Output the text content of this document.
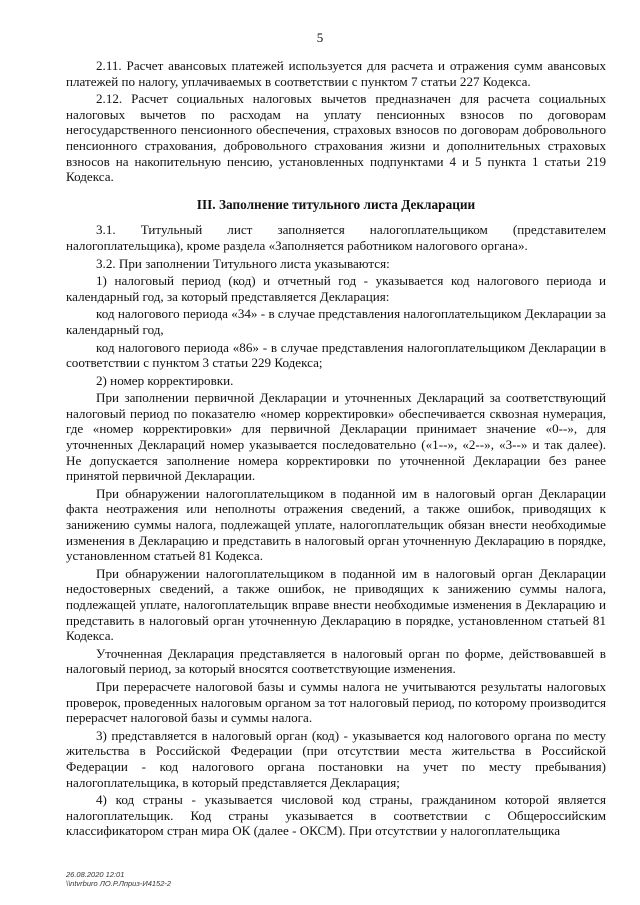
5

2.11. Расчет авансовых платежей используется для расчета и отражения сумм авансовых платежей по налогу, уплачиваемых в соответствии с пунктом 7 статьи 227 Кодекса.

2.12. Расчет социальных налоговых вычетов предназначен для расчета социальных налоговых вычетов по расходам на уплату пенсионных взносов по договорам негосударственного пенсионного обеспечения, страховых взносов по договорам добровольного пенсионного страхования, добровольного страхования жизни и дополнительных страховых взносов на накопительную пенсию, установленных подпунктами 4 и 5 пункта 1 статьи 219 Кодекса.

III. Заполнение титульного листа Декларации

3.1. Титульный лист заполняется налогоплательщиком (представителем налогоплательщика), кроме раздела «Заполняется работником налогового органа».

3.2. При заполнении Титульного листа указываются:

1) налоговый период (код) и отчетный год - указывается код налогового периода и календарный год, за который представляется Декларация:

код налогового периода «34» - в случае представления налогоплательщиком Декларации за календарный год,

код налогового периода «86» - в случае представления налогоплательщиком Декларации в соответствии с пунктом 3 статьи 229 Кодекса;

2) номер корректировки.

При заполнении первичной Декларации и уточненных Деклараций за соответствующий налоговый период по показателю «номер корректировки» обеспечивается сквозная нумерация, где «номер корректировки» для первичной Декларации принимает значение «0--», для уточненных Деклараций номер указывается последовательно («1--», «2--», «3--» и так далее). Не допускается заполнение номера корректировки по уточненной Декларации без ранее принятой первичной Декларации.

При обнаружении налогоплательщиком в поданной им в налоговый орган Декларации факта неотражения или неполноты отражения сведений, а также ошибок, приводящих к занижению суммы налога, подлежащей уплате, налогоплательщик обязан внести необходимые изменения в Декларацию и представить в налоговый орган уточненную Декларацию в порядке, установленном статьей 81 Кодекса.

При обнаружении налогоплательщиком в поданной им в налоговый орган Декларации недостоверных сведений, а также ошибок, не приводящих к занижению суммы налога, подлежащей уплате, налогоплательщик вправе внести необходимые изменения в Декларацию и представить в налоговый орган уточненную Декларацию в порядке, установленном статьей 81 Кодекса.

Уточненная Декларация представляется в налоговый орган по форме, действовавшей в налоговый период, за который вносятся соответствующие изменения.

При перерасчете налоговой базы и суммы налога не учитываются результаты налоговых проверок, проведенных налоговым органом за тот налоговый период, по которому производится перерасчет налоговой базы и суммы налога.

3) представляется в налоговый орган (код) - указывается код налогового органа по месту жительства в Российской Федерации (при отсутствии места жительства в Российской Федерации - код налогового органа постановки на учет по месту пребывания) налогоплательщика, в который представляется Декларация;

4) код страны - указывается числовой код страны, гражданином которой является налогоплательщик. Код страны указывается в соответствии с Общероссийским классификатором стран мира ОК (далее - ОКСМ). При отсутствии у налогоплательщика

26.08.2020 12:01
\\ntvrburo ЛО.Р.Лприз-И4152-2
